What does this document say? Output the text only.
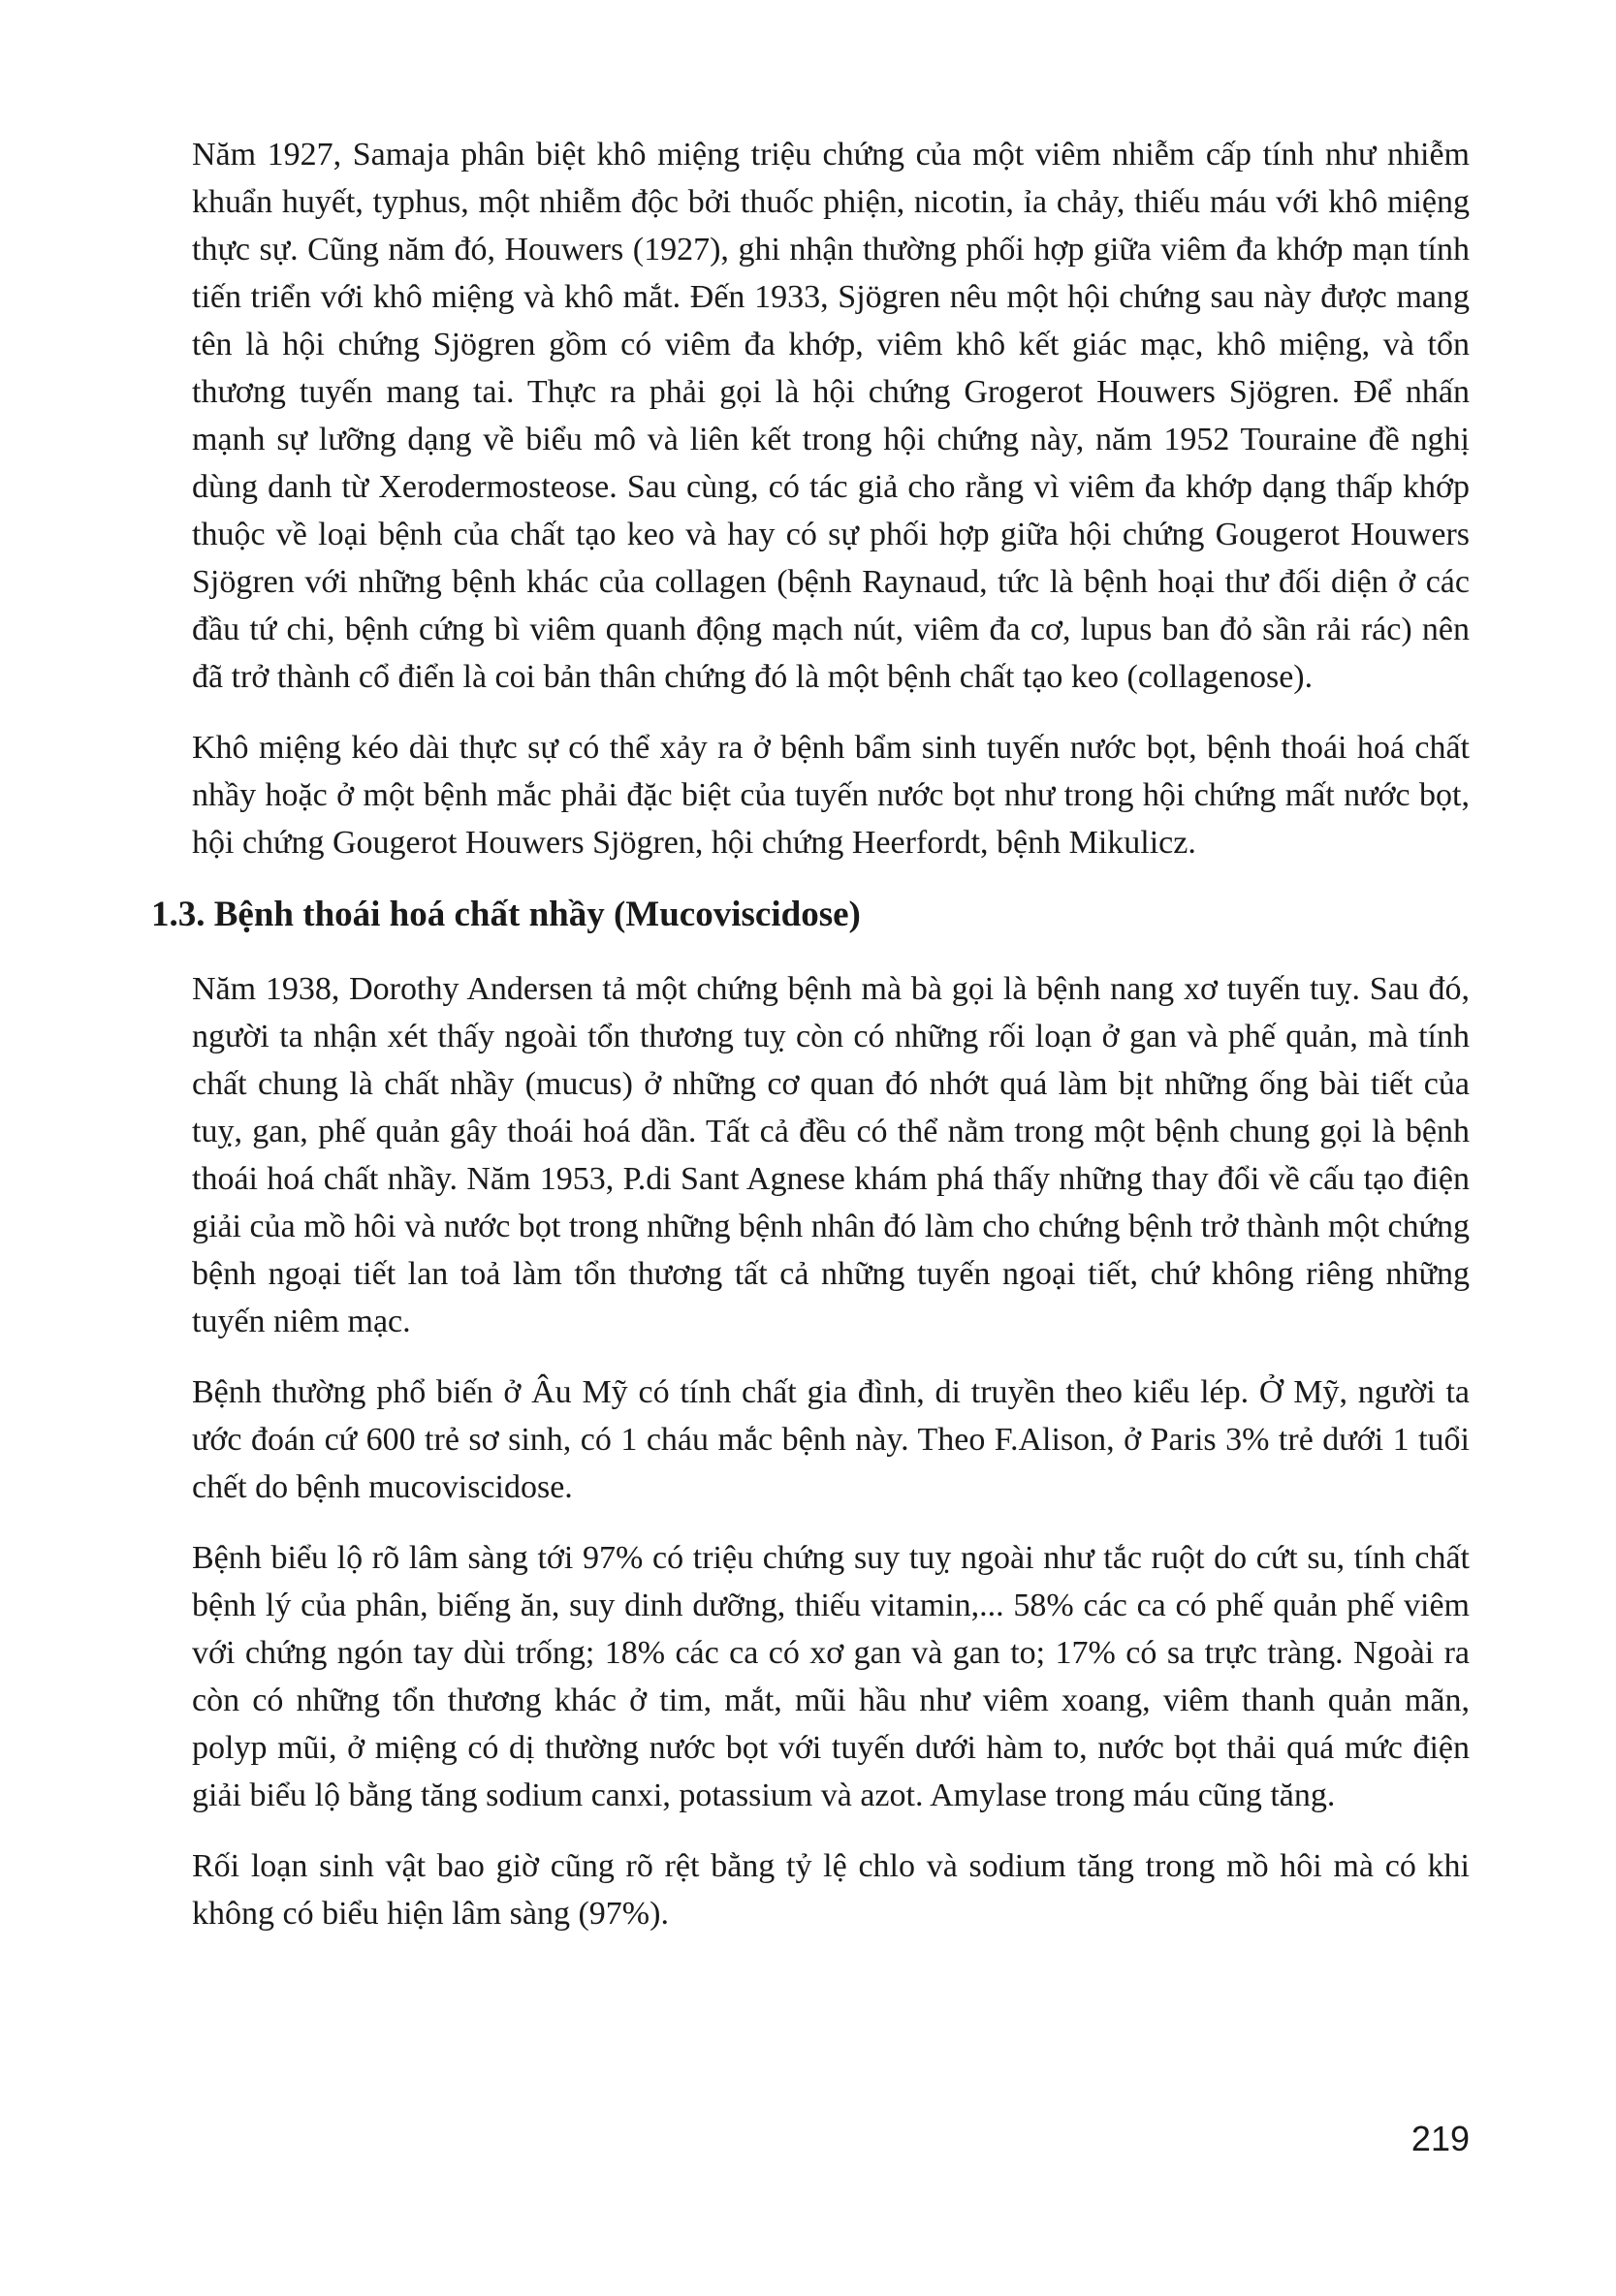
Năm 1927, Samaja phân biệt khô miệng triệu chứng của một viêm nhiễm cấp tính như nhiễm khuẩn huyết, typhus, một nhiễm độc bởi thuốc phiện, nicotin, ỉa chảy, thiếu máu với khô miệng thực sự. Cũng năm đó, Houwers (1927), ghi nhận thường phối hợp giữa viêm đa khớp mạn tính tiến triển với khô miệng và khô mắt. Đến 1933, Sjögren nêu một hội chứng sau này được mang tên là hội chứng Sjögren gồm có viêm đa khớp, viêm khô kết giác mạc, khô miệng, và tổn thương tuyến mang tai. Thực ra phải gọi là hội chứng Grogerot Houwers Sjögren. Để nhấn mạnh sự lưỡng dạng về biểu mô và liên kết trong hội chứng này, năm 1952 Touraine đề nghị dùng danh từ Xerodermosteose. Sau cùng, có tác giả cho rằng vì viêm đa khớp dạng thấp khớp thuộc về loại bệnh của chất tạo keo và hay có sự phối hợp giữa hội chứng Gougerot Houwers Sjögren với những bệnh khác của collagen (bệnh Raynaud, tức là bệnh hoại thư đối diện ở các đầu tứ chi, bệnh cứng bì viêm quanh động mạch nút, viêm đa cơ, lupus ban đỏ sần rải rác) nên đã trở thành cổ điển là coi bản thân chứng đó là một bệnh chất tạo keo (collagenose).

Khô miệng kéo dài thực sự có thể xảy ra ở bệnh bẩm sinh tuyến nước bọt, bệnh thoái hoá chất nhầy hoặc ở một bệnh mắc phải đặc biệt của tuyến nước bọt như trong hội chứng mất nước bọt, hội chứng Gougerot Houwers Sjögren, hội chứng Heerfordt, bệnh Mikulicz.

1.3. Bệnh thoái hoá chất nhầy (Mucoviscidose)

Năm 1938, Dorothy Andersen tả một chứng bệnh mà bà gọi là bệnh nang xơ tuyến tuỵ. Sau đó, người ta nhận xét thấy ngoài tổn thương tuỵ còn có những rối loạn ở gan và phế quản, mà tính chất chung là chất nhầy (mucus) ở những cơ quan đó nhớt quá làm bịt những ống bài tiết của tuỵ, gan, phế quản gây thoái hoá dần. Tất cả đều có thể nằm trong một bệnh chung gọi là bệnh thoái hoá chất nhầy. Năm 1953, P.di Sant Agnese khám phá thấy những thay đổi về cấu tạo điện giải của mồ hôi và nước bọt trong những bệnh nhân đó làm cho chứng bệnh trở thành một chứng bệnh ngoại tiết lan toả làm tổn thương tất cả những tuyến ngoại tiết, chứ không riêng những tuyến niêm mạc.

Bệnh thường phổ biến ở Âu Mỹ có tính chất gia đình, di truyền theo kiểu lép. Ở Mỹ, người ta ước đoán cứ 600 trẻ sơ sinh, có 1 cháu mắc bệnh này. Theo F.Alison, ở Paris 3% trẻ dưới 1 tuổi chết do bệnh mucoviscidose.

Bệnh biểu lộ rõ lâm sàng tới 97% có triệu chứng suy tuỵ ngoài như tắc ruột do cứt su, tính chất bệnh lý của phân, biếng ăn, suy dinh dưỡng, thiếu vitamin,... 58% các ca có phế quản phế viêm với chứng ngón tay dùi trống; 18% các ca có xơ gan và gan to; 17% có sa trực tràng. Ngoài ra còn có những tổn thương khác ở tim, mắt, mũi hầu như viêm xoang, viêm thanh quản mãn, polyp mũi, ở miệng có dị thường nước bọt với tuyến dưới hàm to, nước bọt thải quá mức điện giải biểu lộ bằng tăng sodium canxi, potassium và azot. Amylase trong máu cũng tăng.

Rối loạn sinh vật bao giờ cũng rõ rệt bằng tỷ lệ chlo và sodium tăng trong mồ hôi mà có khi không có biểu hiện lâm sàng (97%).

219
